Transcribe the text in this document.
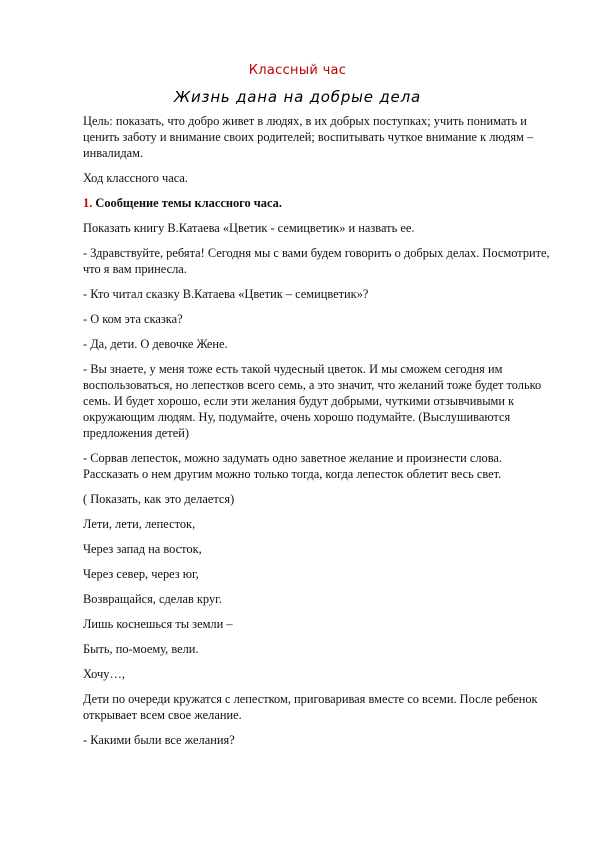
Классный час
Жизнь дана на добрые дела

Цель: показать, что добро живет в людях, в их добрых поступках; учить понимать и ценить заботу и внимание своих родителей; воспитывать чуткое внимание к людям – инвалидам.

Ход классного часа.

1. Сообщение темы классного часа.

Показать книгу В.Катаева «Цветик - семицветик» и назвать ее.

- Здравствуйте, ребята! Сегодня мы с вами будем говорить о добрых делах. Посмотрите, что я вам принесла.

- Кто читал сказку В.Катаева «Цветик – семицветик»?

- О ком эта сказка?

- Да, дети. О девочке Жене.

- Вы знаете, у меня тоже есть такой чудесный цветок. И мы сможем сегодня им воспользоваться, но лепестков всего семь, а это значит, что желаний тоже будет только семь. И будет хорошо, если эти желания будут добрыми, чуткими отзывчивыми к окружающим людям. Ну, подумайте, очень хорошо подумайте. (Выслушиваются предложения детей)

- Сорвав лепесток, можно задумать одно заветное желание и произнести слова. Рассказать о нем другим можно только тогда, когда лепесток облетит весь свет.

( Показать, как это делается)

Лети, лети, лепесток,

Через запад на восток,

Через север, через юг,

Возвращайся, сделав круг.

Лишь коснешься ты земли –

Быть, по-моему, вели.

Хочу…,

Дети по очереди кружатся с лепестком, приговаривая вместе со всеми. После ребенок открывает всем свое желание.

- Какими были все желания?
